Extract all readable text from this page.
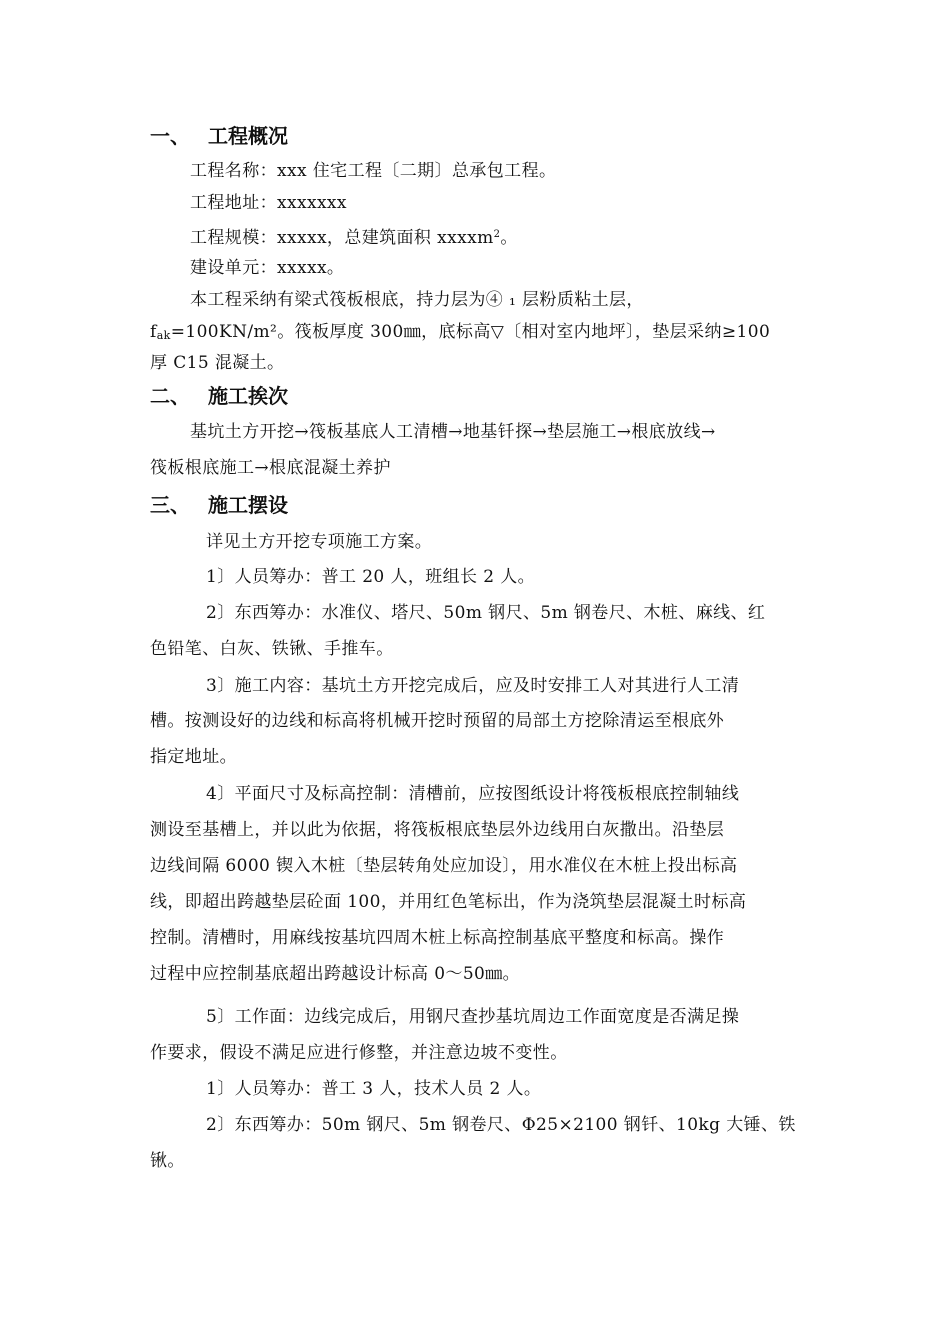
一、 工程概况
工程名称：xxx 住宅工程〔二期〕总承包工程。
工程地址：xxxxxxx
工程规模：xxxxx，总建筑面积 xxxxm$^2$。
建设单元：xxxxx。
本工程采纳有梁式筏板根底，持力层为④ ₁ 层粉质粘土层，
$f_{ak}=100KN/m^2$。筏板厚度 300㎜，底标高▽〔相对室内地坪〕，垫层采纳≥100
厚 C15 混凝土。
二、 施工挨次
基坑土方开挖→筏板基底人工清槽→地基钎探→垫层施工→根底放线→
筏板根底施工→根底混凝土养护
三、 施工摆设
详见土方开挖专项施工方案。
1〕人员筹办：普工 20 人，班组长 2 人。
2〕东西筹办：水准仪、塔尺、50m 钢尺、5m 钢卷尺、木桩、麻线、红
色铅笔、白灰、铁锹、手推车。
3〕施工内容：基坑土方开挖完成后，应及时安排工人对其进行人工清
槽。按测设好的边线和标高将机械开挖时预留的局部土方挖除清运至根底外
指定地址。
4〕平面尺寸及标高控制：清槽前，应按图纸设计将筏板根底控制轴线
测设至基槽上，并以此为依据，将筏板根底垫层外边线用白灰撒出。沿垫层
边线间隔 6000 锲入木桩〔垫层转角处应加设〕，用水准仪在木桩上投出标高
线，即超出跨越垫层砼面 100，并用红色笔标出，作为浇筑垫层混凝土时标高
控制。清槽时，用麻线按基坑四周木桩上标高控制基底平整度和标高。操作
过程中应控制基底超出跨越设计标高 0～50㎜。
5〕工作面：边线完成后，用钢尺查抄基坑周边工作面宽度是否满足操
作要求，假设不满足应进行修整，并注意边坡不变性。
1〕人员筹办：普工 3 人，技术人员 2 人。
2〕东西筹办：50m 钢尺、5m 钢卷尺、Φ25×2100 钢钎、10kg 大锤、铁
锹。
